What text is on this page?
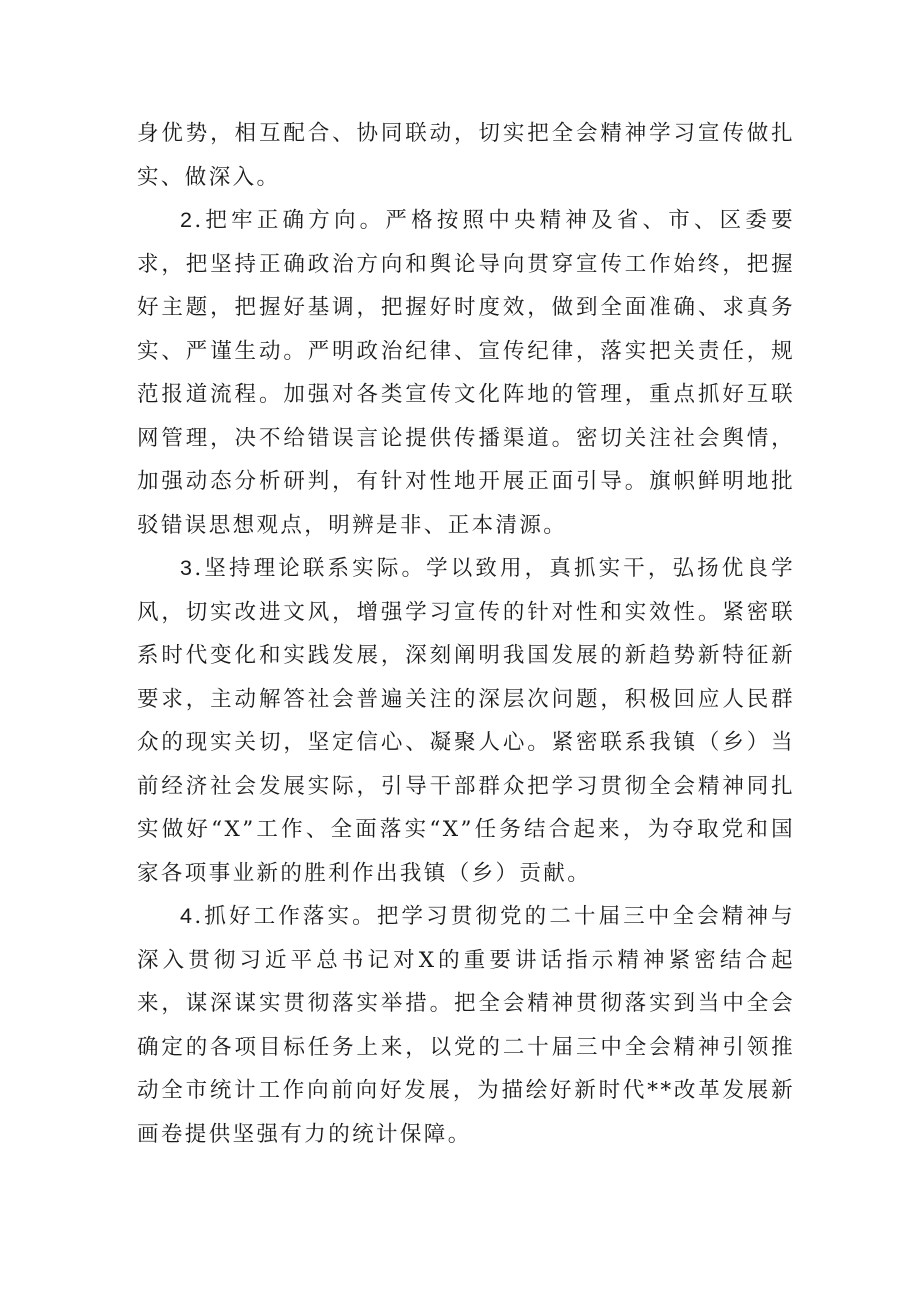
身优势，相互配合、协同联动，切实把全会精神学习宣传做扎实、做深入。

2.把牢正确方向。严格按照中央精神及省、市、区委要求，把坚持正确政治方向和舆论导向贯穿宣传工作始终，把握好主题，把握好基调，把握好时度效，做到全面准确、求真务实、严谨生动。严明政治纪律、宣传纪律，落实把关责任，规范报道流程。加强对各类宣传文化阵地的管理，重点抓好互联网管理，决不给错误言论提供传播渠道。密切关注社会舆情，加强动态分析研判，有针对性地开展正面引导。旗帜鲜明地批驳错误思想观点，明辨是非、正本清源。

3.坚持理论联系实际。学以致用，真抓实干，弘扬优良学风，切实改进文风，增强学习宣传的针对性和实效性。紧密联系时代变化和实践发展，深刻阐明我国发展的新趋势新特征新要求，主动解答社会普遍关注的深层次问题，积极回应人民群众的现实关切，坚定信心、凝聚人心。紧密联系我镇（乡）当前经济社会发展实际，引导干部群众把学习贯彻全会精神同扎实做好“X”工作、全面落实“X”任务结合起来，为夺取党和国家各项事业新的胜利作出我镇（乡）贡献。

4.抓好工作落实。把学习贯彻党的二十届三中全会精神与深入贯彻习近平总书记对X的重要讲话指示精神紧密结合起来，谋深谋实贯彻落实举措。把全会精神贯彻落实到当中全会确定的各项目标任务上来，以党的二十届三中全会精神引领推动全市统计工作向前向好发展，为描绘好新时代**改革发展新画卷提供坚强有力的统计保障。
